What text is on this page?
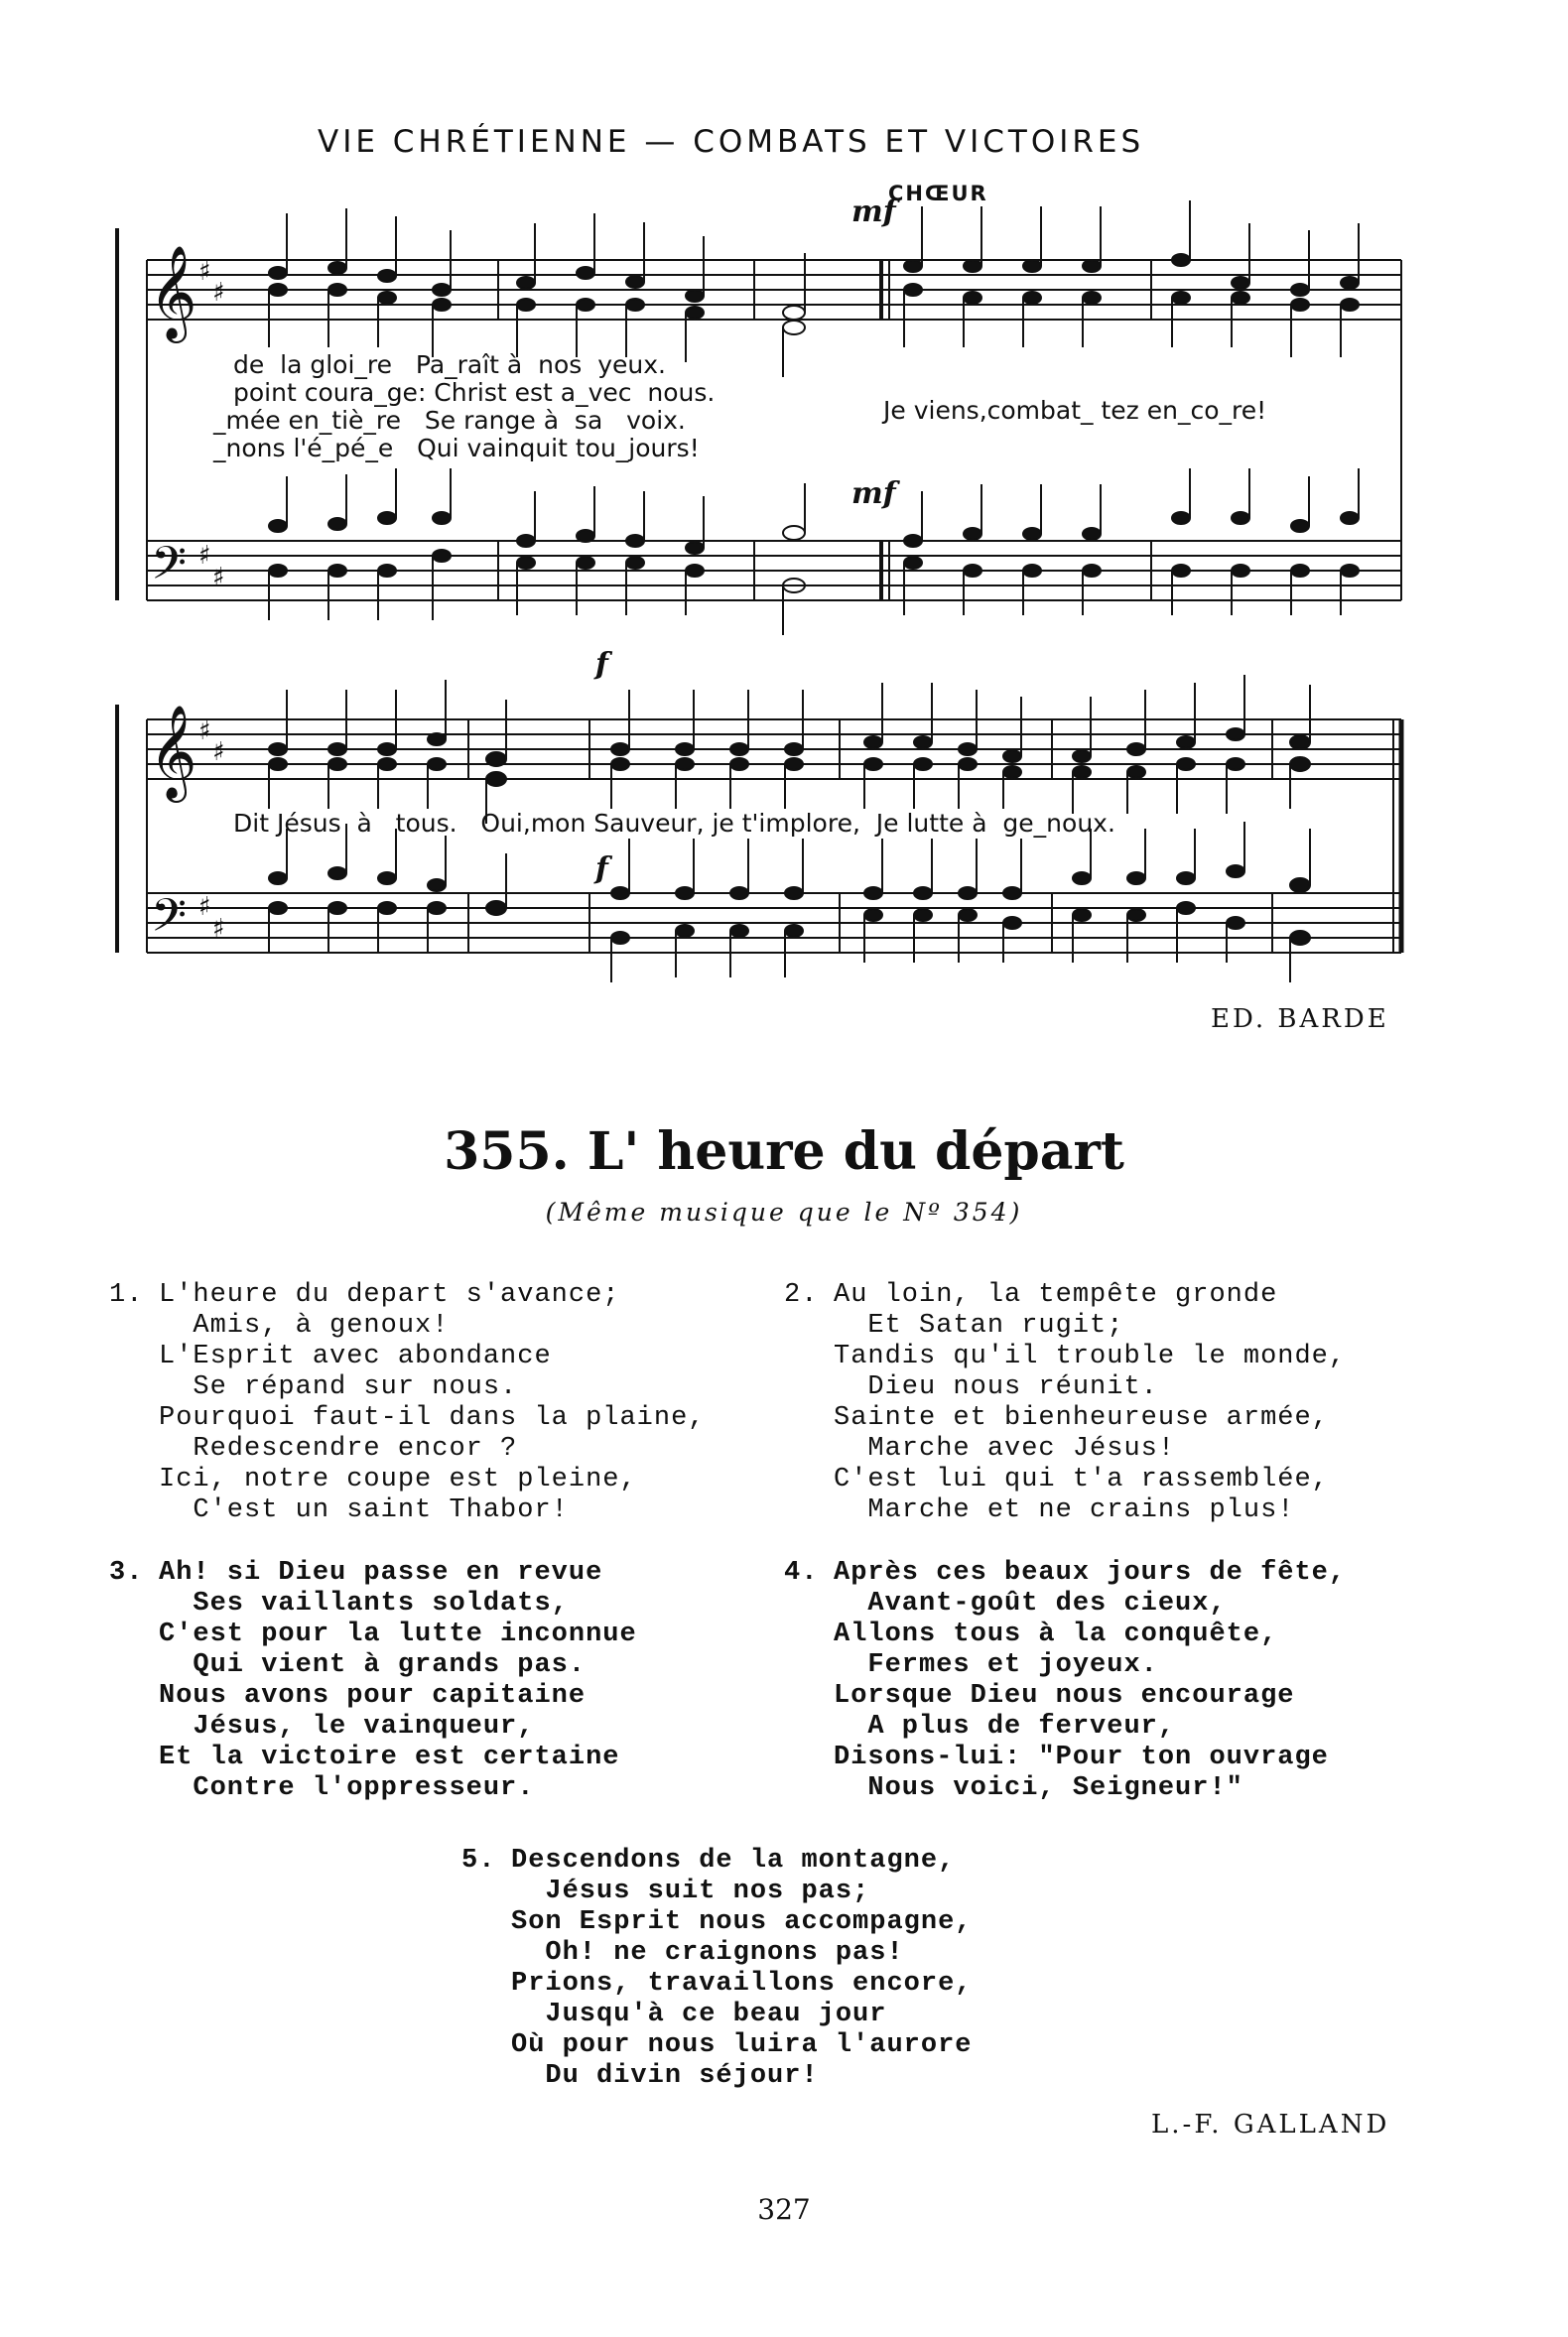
VIE CHRÉTIENNE — COMBATS ET VICTOIRES
CHŒUR
𝄞
𝄞
𝄢
𝄢
♯
♯
♯
♯
♯
♯
♯
♯
mf
mf
f
f
de  la gloi_re   Pa_raît à  nos  yeux.
point coura_ge: Christ est a_vec  nous.
_mée en_tiè_re   Se range à  sa   voix.
_nons l'é_pé_e   Qui vainquit tou_jours!
Je viens,combat_ tez en_co_re!
Dit Jésus  à   tous.   Oui,mon Sauveur, je t'implore,  Je lutte à  ge_noux.
ED. BARDE
355. L' heure du départ
(Même musique que le Nº 354)
1. L'heure du depart s'avance;
Amis, à genoux!
L'Esprit avec abondance
Se répand sur nous.
Pourquoi faut-il dans la plaine,
Redescendre encor ?
Ici, notre coupe est pleine,
C'est un saint Thabor!
2. Au loin, la tempête gronde
Et Satan rugit;
Tandis qu'il trouble le monde,
Dieu nous réunit.
Sainte et bienheureuse armée,
Marche avec Jésus!
C'est lui qui t'a rassemblée,
Marche et ne crains plus!
3. Ah! si Dieu passe en revue
Ses vaillants soldats,
C'est pour la lutte inconnue
Qui vient à grands pas.
Nous avons pour capitaine
Jésus, le vainqueur,
Et la victoire est certaine
Contre l'oppresseur.
4. Après ces beaux jours de fête,
Avant-goût des cieux,
Allons tous à la conquête,
Fermes et joyeux.
Lorsque Dieu nous encourage
A plus de ferveur,
Disons-lui: "Pour ton ouvrage
Nous voici, Seigneur!"
5. Descendons de la montagne,
Jésus suit nos pas;
Son Esprit nous accompagne,
Oh! ne craignons pas!
Prions, travaillons encore,
Jusqu'à ce beau jour
Où pour nous luira l'aurore
Du divin séjour!
L.-F. GALLAND
327
